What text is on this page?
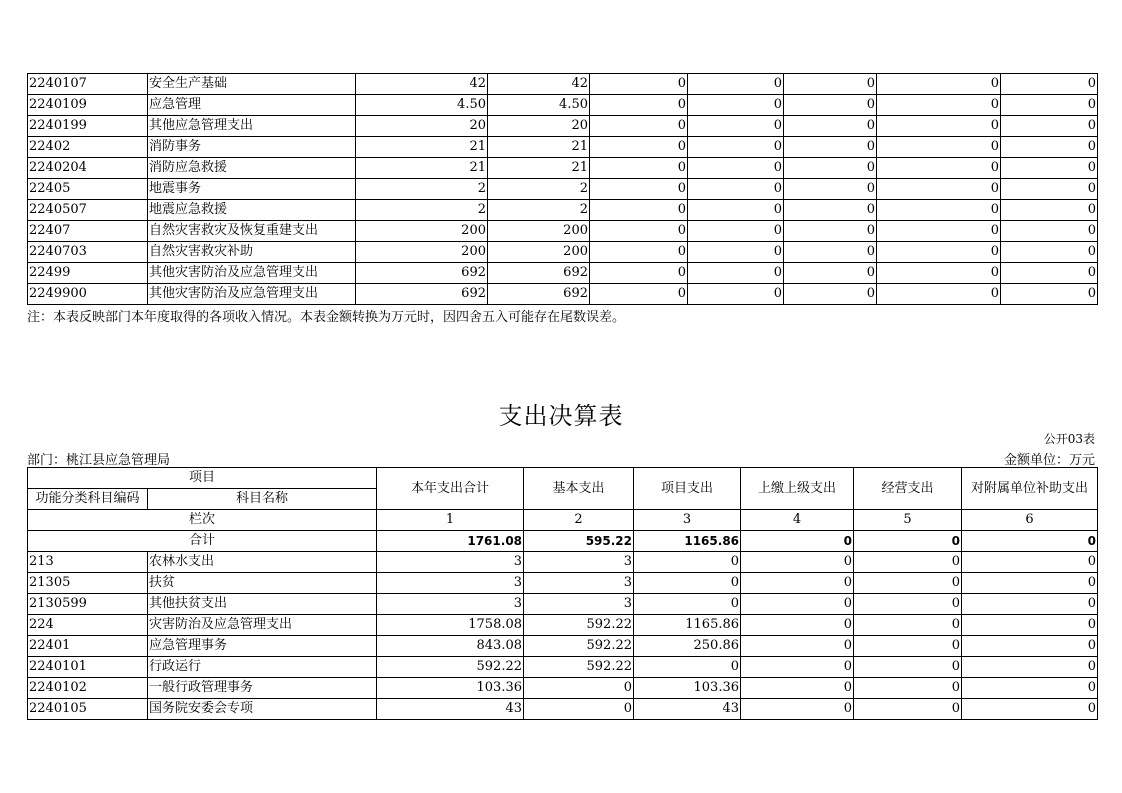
2240107	安全生产基础	42	42	0	0	0	0	0
2240109	应急管理	4.50	4.50	0	0	0	0	0
2240199	其他应急管理支出	20	20	0	0	0	0	0
22402	消防事务	21	21	0	0	0	0	0
2240204	消防应急救援	21	21	0	0	0	0	0
22405	地震事务	2	2	0	0	0	0	0
2240507	地震应急救援	2	2	0	0	0	0	0
22407	自然灾害救灾及恢复重建支出	200	200	0	0	0	0	0
2240703	自然灾害救灾补助	200	200	0	0	0	0	0
22499	其他灾害防治及应急管理支出	692	692	0	0	0	0	0
2249900	其他灾害防治及应急管理支出	692	692	0	0	0	0	0
注：本表反映部门本年度取得的各项收入情况。本表金额转换为万元时，因四舍五入可能存在尾数误差。
支出决算表
公开03表
部门：桃江县应急管理局	金额单位：万元
项目		本年支出合计	基本支出	项目支出	上缴上级支出	经营支出	对附属单位补助支出
功能分类科目编码	科目名称						
栏次		1	2	3	4	5	6
合计		1761.08	595.22	1165.86	0	0	0
213	农林水支出	3	3	0	0	0	0
21305	扶贫	3	3	0	0	0	0
2130599	其他扶贫支出	3	3	0	0	0	0
224	灾害防治及应急管理支出	1758.08	592.22	1165.86	0	0	0
22401	应急管理事务	843.08	592.22	250.86	0	0	0
2240101	行政运行	592.22	592.22	0	0	0	0
2240102	一般行政管理事务	103.36	0	103.36	0	0	0
2240105	国务院安委会专项	43	0	43	0	0	0
